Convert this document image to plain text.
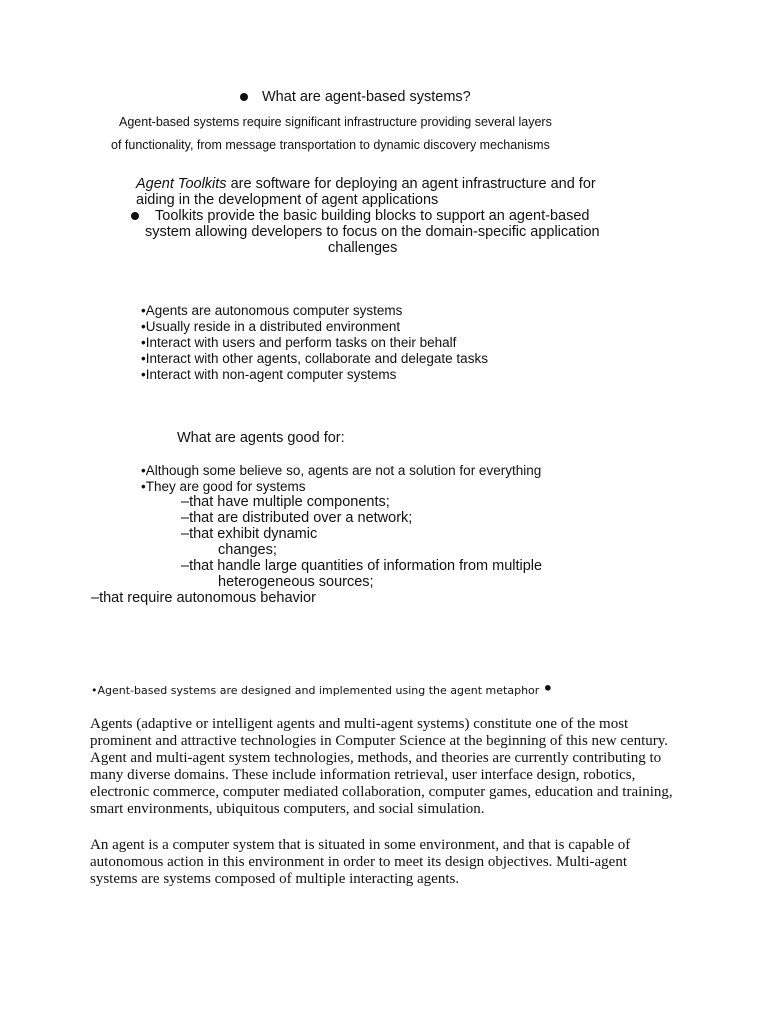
What are agent-based systems?
Agent-based systems require significant infrastructure providing several layers
of functionality, from message transportation to dynamic discovery mechanisms
Agent Toolkits are software for deploying an agent infrastructure and for
aiding in the development of agent applications
Toolkits provide the basic building blocks to support an agent-based
system allowing developers to focus on the domain-specific application
challenges
•Agents are autonomous computer systems
•Usually reside in a distributed environment
•Interact with users and perform tasks on their behalf
•Interact with other agents, collaborate and delegate tasks
•Interact with non-agent computer systems
What are agents good for:
•Although some believe so, agents are not a solution for everything
•They are good for systems
–that have multiple components;
–that are distributed over a network;
–that exhibit dynamic
changes;
–that handle large quantities of information from multiple
heterogeneous sources;
–that require autonomous behavior
•Agent-based systems are designed and implemented using the agent metaphor •

Agents (adaptive or intelligent agents and multi-agent systems) constitute one of the most

prominent and attractive technologies in Computer Science at the beginning of this new century.

Agent and multi-agent system technologies, methods, and theories are currently contributing to

many diverse domains. These include information retrieval, user interface design, robotics,

electronic commerce, computer mediated collaboration, computer games, education and training,

smart environments, ubiquitous computers, and social simulation.

An agent is a computer system that is situated in some environment, and that is capable of

autonomous action in this environment in order to meet its design objectives. Multi-agent

systems are systems composed of multiple interacting agents.
